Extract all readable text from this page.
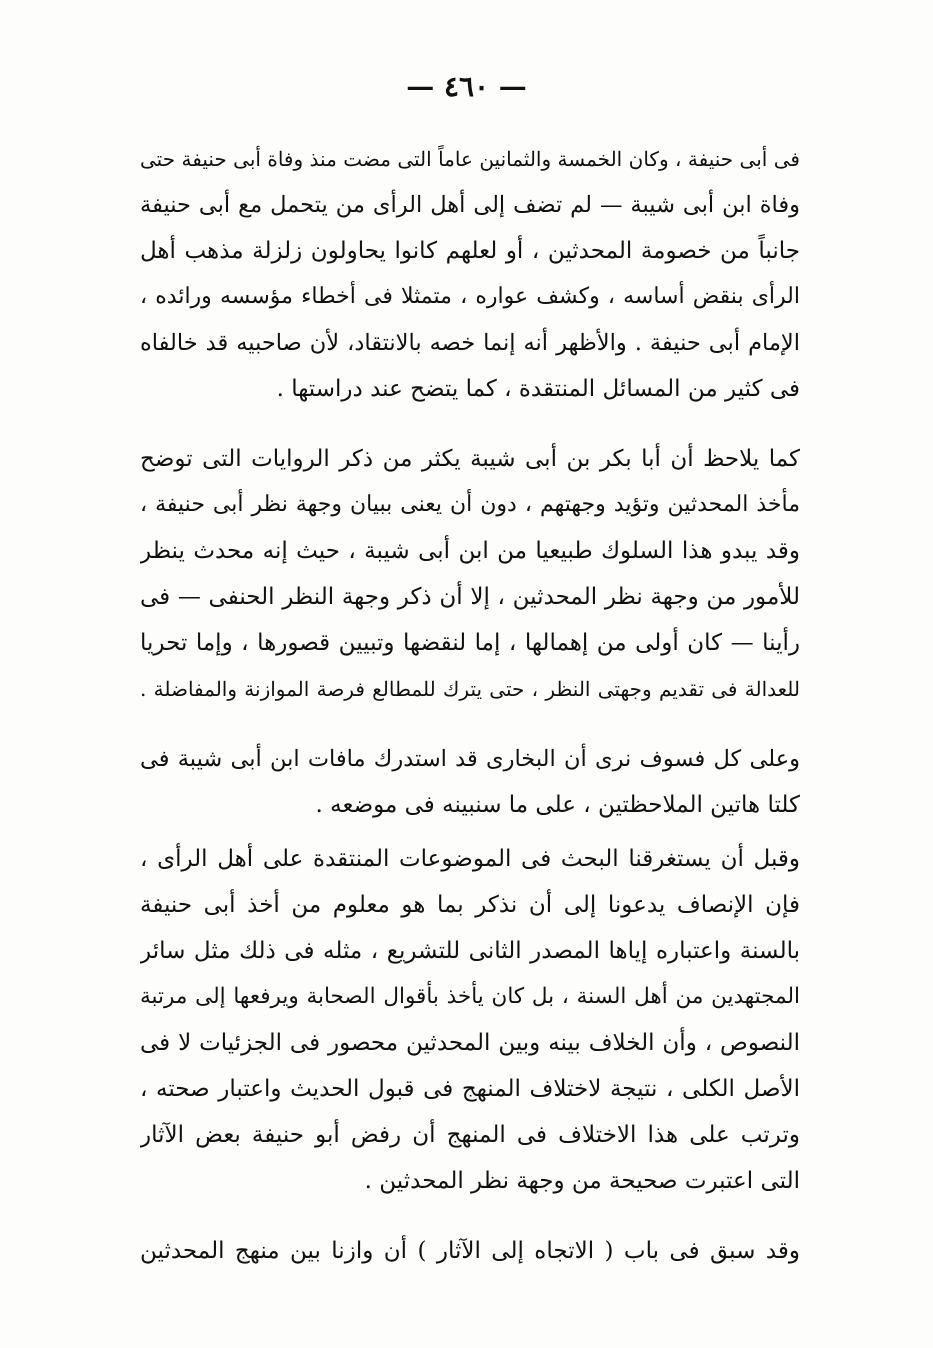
— ٤٦٠ —
فى أبى حنيفة ، وكان الخمسة والثمانين عاماً التى مضت منذ وفاة أبى حنيفة حتى
وفاة ابن أبى شيبة — لم تضف إلى أهل الرأى من يتحمل مع أبى حنيفة
جانباً من خصومة المحدثين ، أو لعلهم كانوا يحاولون زلزلة مذهب أهل
الرأى بنقض أساسه ، وكشف عواره ، متمثلا فى أخطاء مؤسسه ورائده ،
الإمام أبى حنيفة . والأظهر أنه إنما خصه بالانتقاد، لأن صاحبيه قد خالفاه
فى كثير من المسائل المنتقدة ، كما يتضح عند دراستها .
كما يلاحظ أن أبا بكر بن أبى شيبة يكثر من ذكر الروايات التى توضح
مأخذ المحدثين وتؤيد وجهتهم ، دون أن يعنى ببيان وجهة نظر أبى حنيفة ،
وقد يبدو هذا السلوك طبيعيا من ابن أبى شيبة ، حيث إنه محدث ينظر
للأمور من وجهة نظر المحدثين ، إلا أن ذكر وجهة النظر الحنفى — فى
رأينا — كان أولى من إهمالها ، إما لنقضها وتبيين قصورها ، وإما تحريا
للعدالة فى تقديم وجهتى النظر ، حتى يترك للمطالع فرصة الموازنة والمفاضلة .
وعلى كل فسوف نرى أن البخارى قد استدرك مافات ابن أبى شيبة فى
كلتا هاتين الملاحظتين ، على ما سنبينه فى موضعه .
وقبل أن يستغرقنا البحث فى الموضوعات المنتقدة على أهل الرأى ،
فإن الإنصاف يدعونا إلى أن نذكر بما هو معلوم من أخذ أبى حنيفة
بالسنة واعتباره إياها المصدر الثانى للتشريع ، مثله فى ذلك مثل سائر
المجتهدين من أهل السنة ، بل كان يأخذ بأقوال الصحابة ويرفعها إلى مرتبة
النصوص ، وأن الخلاف بينه وبين المحدثين محصور فى الجزئيات لا فى
الأصل الكلى ، نتيجة لاختلاف المنهج فى قبول الحديث واعتبار صحته ،
وترتب على هذا الاختلاف فى المنهج أن رفض أبو حنيفة بعض الآثار
التى اعتبرت صحيحة من وجهة نظر المحدثين .
وقد سبق فى باب ( الاتجاه إلى الآثار ) أن وازنا بين منهج المحدثين
